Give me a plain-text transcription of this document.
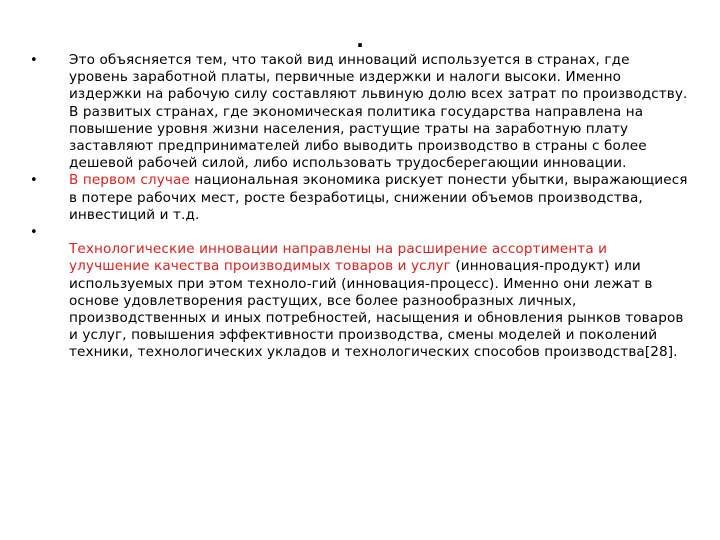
.
•	Это объясняется тем, что такой вид инноваций используется в странах, где уровень заработной платы, первичные издержки и налоги высоки. Именно издержки на рабочую силу составляют львиную долю всех затрат по производству. В развитых странах, где экономическая политика государства направлена на повышение уровня жизни населения, растущие траты на заработную плату заставляют предпринимателей либо выводить производство в страны с более дешевой рабочей силой, либо использовать трудосберегающии инновации.
•	В первом случае национальная экономика рискует понести убытки, выражающиеся в потере рабочих мест, росте безработицы, снижении объемов производства, инвестиций и т.д.
•
Технологические инновации направлены на расширение ассортимента и улучшение качества производимых товаров и услуг (инновация-продукт) или используемых при этом техноло-гий (инновация-процесс). Именно они лежат в основе удовлетворения растущих, все более разнообразных личных, производственных и иных потребностей, насыщения и обновления рынков товаров и услуг, повышения эффективности производства, смены моделей и поколений техники, технологических укладов и технологических способов производства[28].
